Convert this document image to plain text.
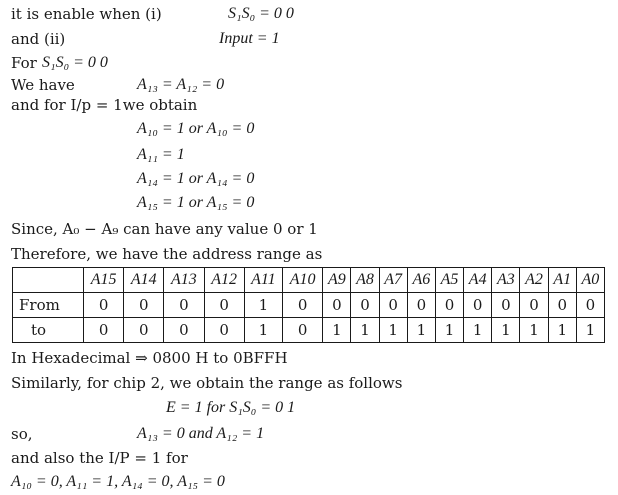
it is enable when (i)	S₁S₀ = 0 0
and (ii)	Input = 1
For S₁S₀ = 0 0
We have	A₁₃ = A₁₂ = 0
and for I/p = 1we obtain
A₁₀ = 1 or A₁₀ = 0
A₁₁ = 1
A₁₄ = 1 or A₁₄ = 0
A₁₅ = 1 or A₁₅ = 0
Since, A₀ − A₉ can have any value 0 or 1
Therefore, we have the address range as
	A15	A14	A13	A12	A11	A10	A9	A8	A7	A6	A5	A4	A3	A2	A1	A0
From	0	0	0	0	1	0	0	0	0	0	0	0	0	0	0	0
to	0	0	0	0	1	0	1	1	1	1	1	1	1	1	1	1
In Hexadecimal ⇒ 0800 H to 0BFFH
Similarly, for chip 2, we obtain the range as follows
E = 1 for S₁S₀ = 0 1
so,	A₁₃ = 0 and A₁₂ = 1
and also the I/P = 1 for
A₁₀ = 0, A₁₁ = 1, A₁₄ = 0, A₁₅ = 0
